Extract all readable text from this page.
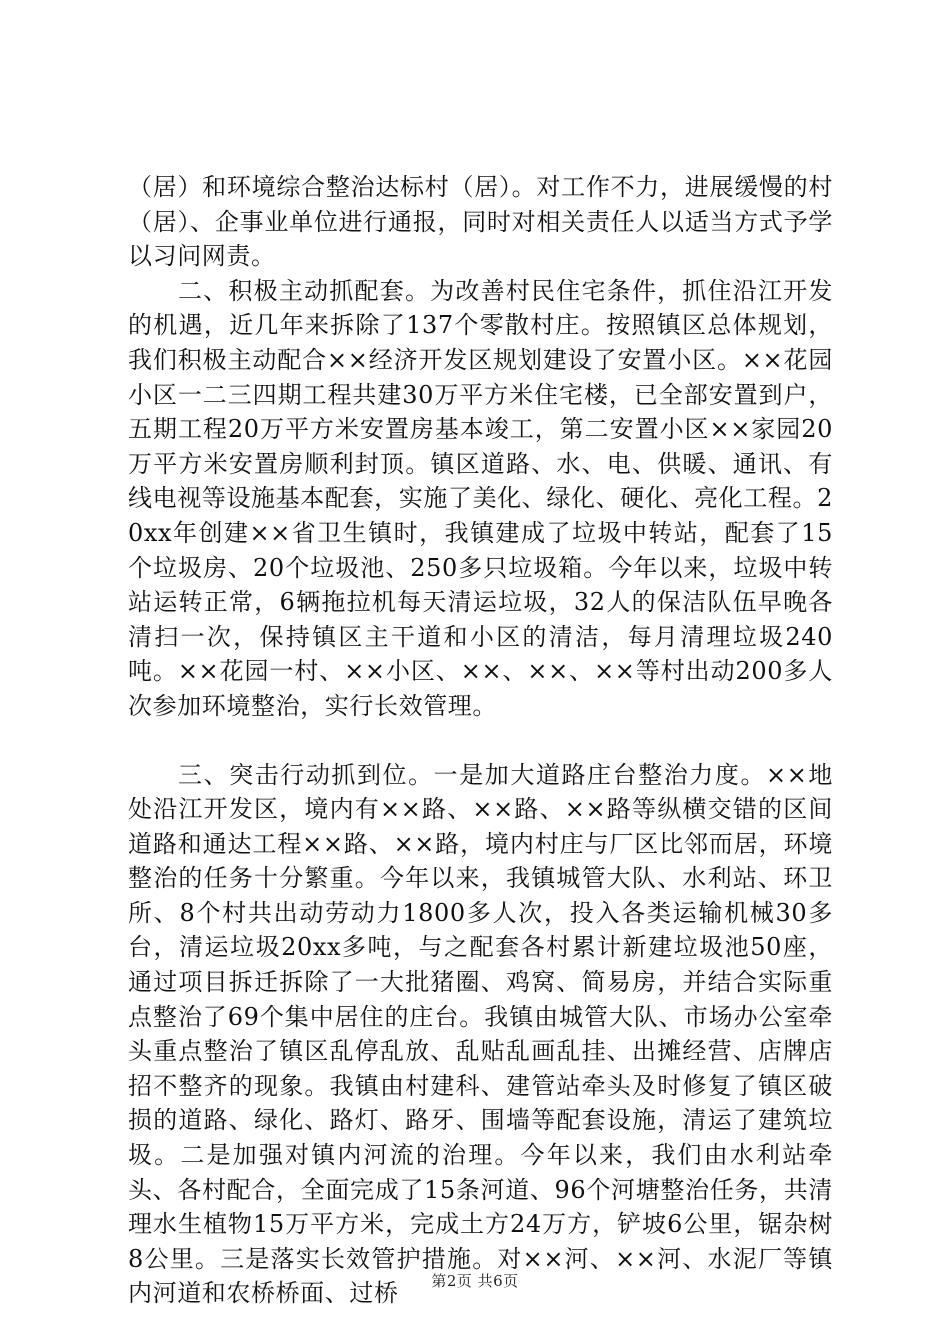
（居）和环境综合整治达标村（居）。对工作不力，进展缓慢的村（居）、企事业单位进行通报，同时对相关责任人以适当方式予学以习问网责。

二、积极主动抓配套。为改善村民住宅条件，抓住沿江开发的机遇，近几年来拆除了137个零散村庄。按照镇区总体规划，我们积极主动配合××经济开发区规划建设了安置小区。××花园小区一二三四期工程共建30万平方米住宅楼，已全部安置到户，五期工程20万平方米安置房基本竣工，第二安置小区××家园20万平方米安置房顺利封顶。镇区道路、水、电、供暖、通讯、有线电视等设施基本配套，实施了美化、绿化、硬化、亮化工程。20xx年创建××省卫生镇时，我镇建成了垃圾中转站，配套了15个垃圾房、20个垃圾池、250多只垃圾箱。今年以来，垃圾中转站运转正常，6辆拖拉机每天清运垃圾，32人的保洁队伍早晚各清扫一次，保持镇区主干道和小区的清洁，每月清理垃圾240吨。××花园一村、××小区、××、××、××等村出动200多人次参加环境整治，实行长效管理。

三、突击行动抓到位。一是加大道路庄台整治力度。××地处沿江开发区，境内有××路、××路、××路等纵横交错的区间道路和通达工程××路、××路，境内村庄与厂区比邻而居，环境整治的任务十分繁重。今年以来，我镇城管大队、水利站、环卫所、8个村共出动劳动力1800多人次，投入各类运输机械30多台，清运垃圾20xx多吨，与之配套各村累计新建垃圾池50座，通过项目拆迁拆除了一大批猪圈、鸡窝、简易房，并结合实际重点整治了69个集中居住的庄台。我镇由城管大队、市场办公室牵头重点整治了镇区乱停乱放、乱贴乱画乱挂、出摊经营、店牌店招不整齐的现象。我镇由村建科、建管站牵头及时修复了镇区破损的道路、绿化、路灯、路牙、围墙等配套设施，清运了建筑垃圾。二是加强对镇内河流的治理。今年以来，我们由水利站牵头、各村配合，全面完成了15条河道、96个河塘整治任务，共清理水生植物15万平方米，完成土方24万方，铲坡6公里，锯杂树8公里。三是落实长效管护措施。对××河、××河、水泥厂等镇内河道和农桥桥面、过桥	第2页 共6页
